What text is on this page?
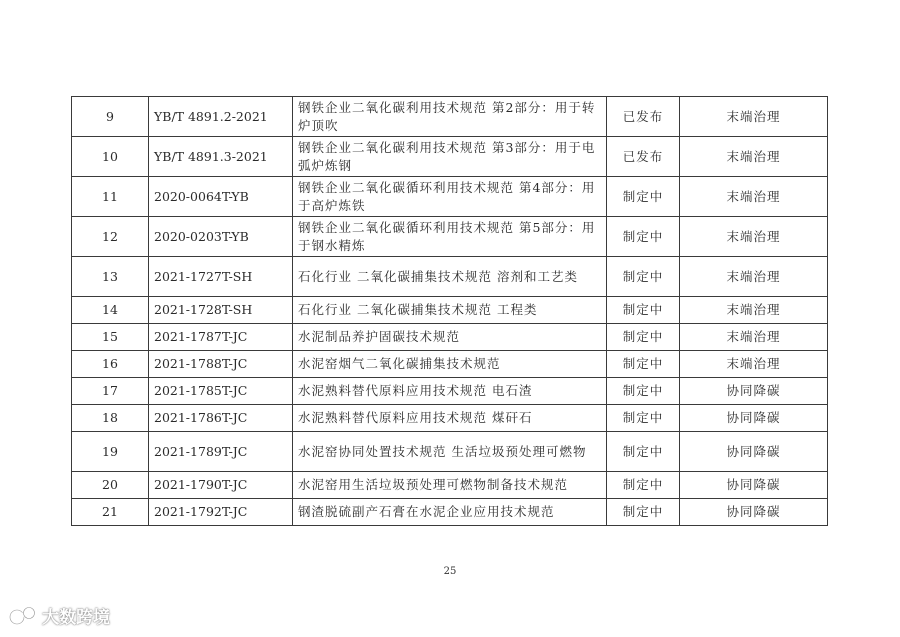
9	YB/T 4891.2-2021	钢铁企业二氧化碳利用技术规范 第2部分：用于转炉顶吹	已发布	末端治理
10	YB/T 4891.3-2021	钢铁企业二氧化碳利用技术规范 第3部分：用于电弧炉炼钢	已发布	末端治理
11	2020-0064T-YB	钢铁企业二氧化碳循环利用技术规范 第4部分：用于高炉炼铁	制定中	末端治理
12	2020-0203T-YB	钢铁企业二氧化碳循环利用技术规范 第5部分：用于钢水精炼	制定中	末端治理
13	2021-1727T-SH	石化行业 二氧化碳捕集技术规范 溶剂和工艺类	制定中	末端治理
14	2021-1728T-SH	石化行业 二氧化碳捕集技术规范 工程类	制定中	末端治理
15	2021-1787T-JC	水泥制品养护固碳技术规范	制定中	末端治理
16	2021-1788T-JC	水泥窑烟气二氧化碳捕集技术规范	制定中	末端治理
17	2021-1785T-JC	水泥熟料替代原料应用技术规范 电石渣	制定中	协同降碳
18	2021-1786T-JC	水泥熟料替代原料应用技术规范 煤矸石	制定中	协同降碳
19	2021-1789T-JC	水泥窑协同处置技术规范 生活垃圾预处理可燃物	制定中	协同降碳
20	2021-1790T-JC	水泥窑用生活垃圾预处理可燃物制备技术规范	制定中	协同降碳
21	2021-1792T-JC	钢渣脱硫副产石膏在水泥企业应用技术规范	制定中	协同降碳
25
大数跨境
